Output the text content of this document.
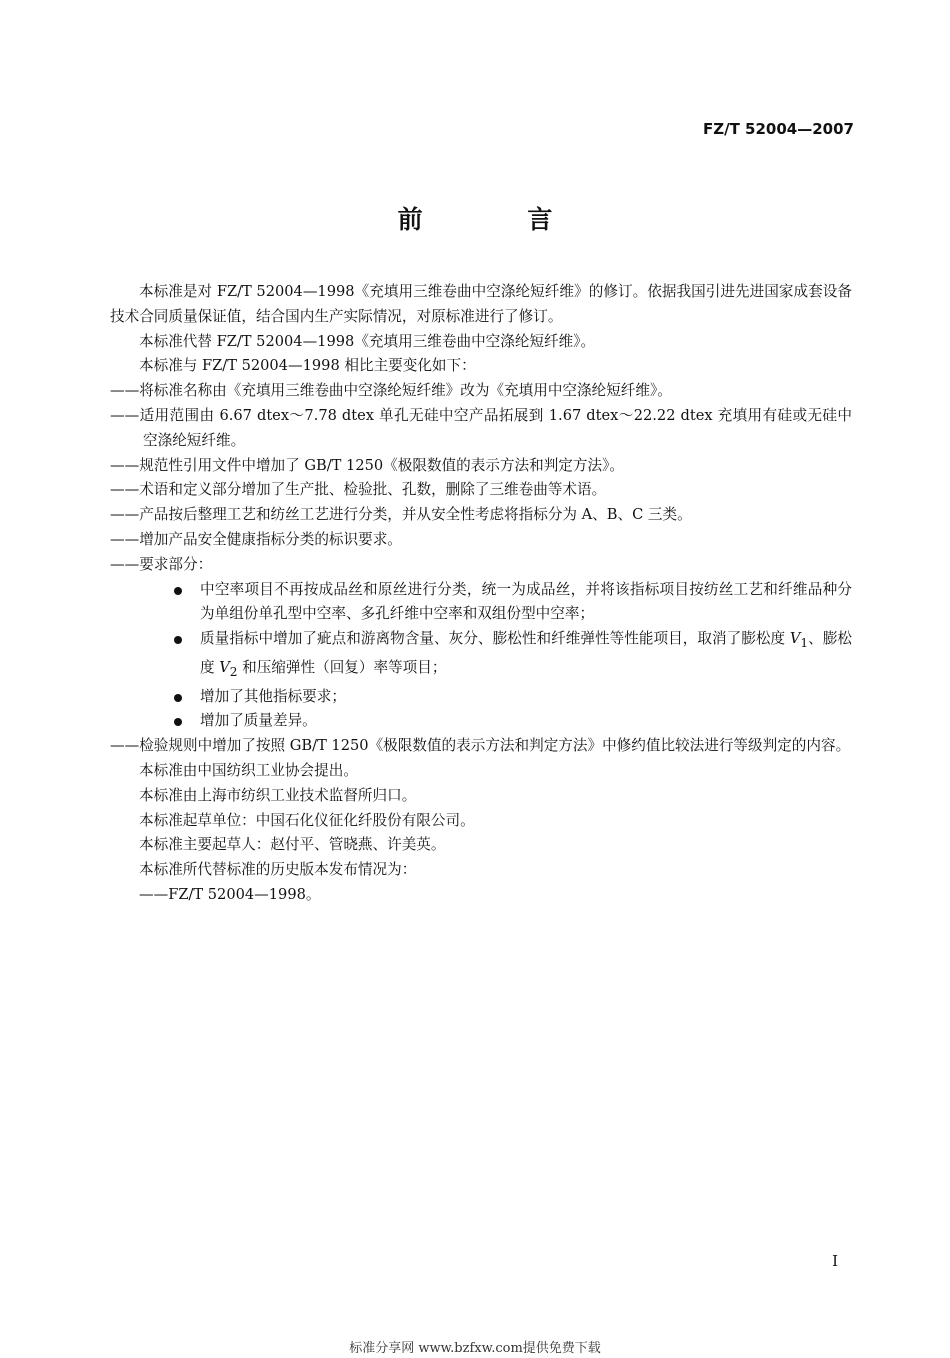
FZ/T 52004—2007
前 言

本标准是对 FZ/T 52004—1998《充填用三维卷曲中空涤纶短纤维》的修订。依据我国引进先进国家成套设备技术合同质量保证值，结合国内生产实际情况，对原标准进行了修订。

本标准代替 FZ/T 52004—1998《充填用三维卷曲中空涤纶短纤维》。

本标准与 FZ/T 52004—1998 相比主要变化如下：

——将标准名称由《充填用三维卷曲中空涤纶短纤维》改为《充填用中空涤纶短纤维》。

——适用范围由 6.67 dtex～7.78 dtex 单孔无硅中空产品拓展到 1.67 dtex～22.22 dtex 充填用有硅或无硅中空涤纶短纤维。

——规范性引用文件中增加了 GB/T 1250《极限数值的表示方法和判定方法》。

——术语和定义部分增加了生产批、检验批、孔数，删除了三维卷曲等术语。

——产品按后整理工艺和纺丝工艺进行分类，并从安全性考虑将指标分为 A、B、C 三类。

——增加产品安全健康指标分类的标识要求。

——要求部分：

中空率项目不再按成品丝和原丝进行分类，统一为成品丝，并将该指标项目按纺丝工艺和纤维品种分为单组份单孔型中空率、多孔纤维中空率和双组份型中空率；

质量指标中增加了疵点和游离物含量、灰分、膨松性和纤维弹性等性能项目，取消了膨松度 $V_1$、膨松度 $V_2$ 和压缩弹性（回复）率等项目；

增加了其他指标要求；

增加了质量差异。

——检验规则中增加了按照 GB/T 1250《极限数值的表示方法和判定方法》中修约值比较法进行等级判定的内容。

本标准由中国纺织工业协会提出。

本标准由上海市纺织工业技术监督所归口。

本标准起草单位：中国石化仪征化纤股份有限公司。

本标准主要起草人：赵付平、管晓燕、许美英。

本标准所代替标准的历史版本发布情况为：

——FZ/T 52004—1998。

I
标准分享网 www.bzfxw.com提供免费下载
